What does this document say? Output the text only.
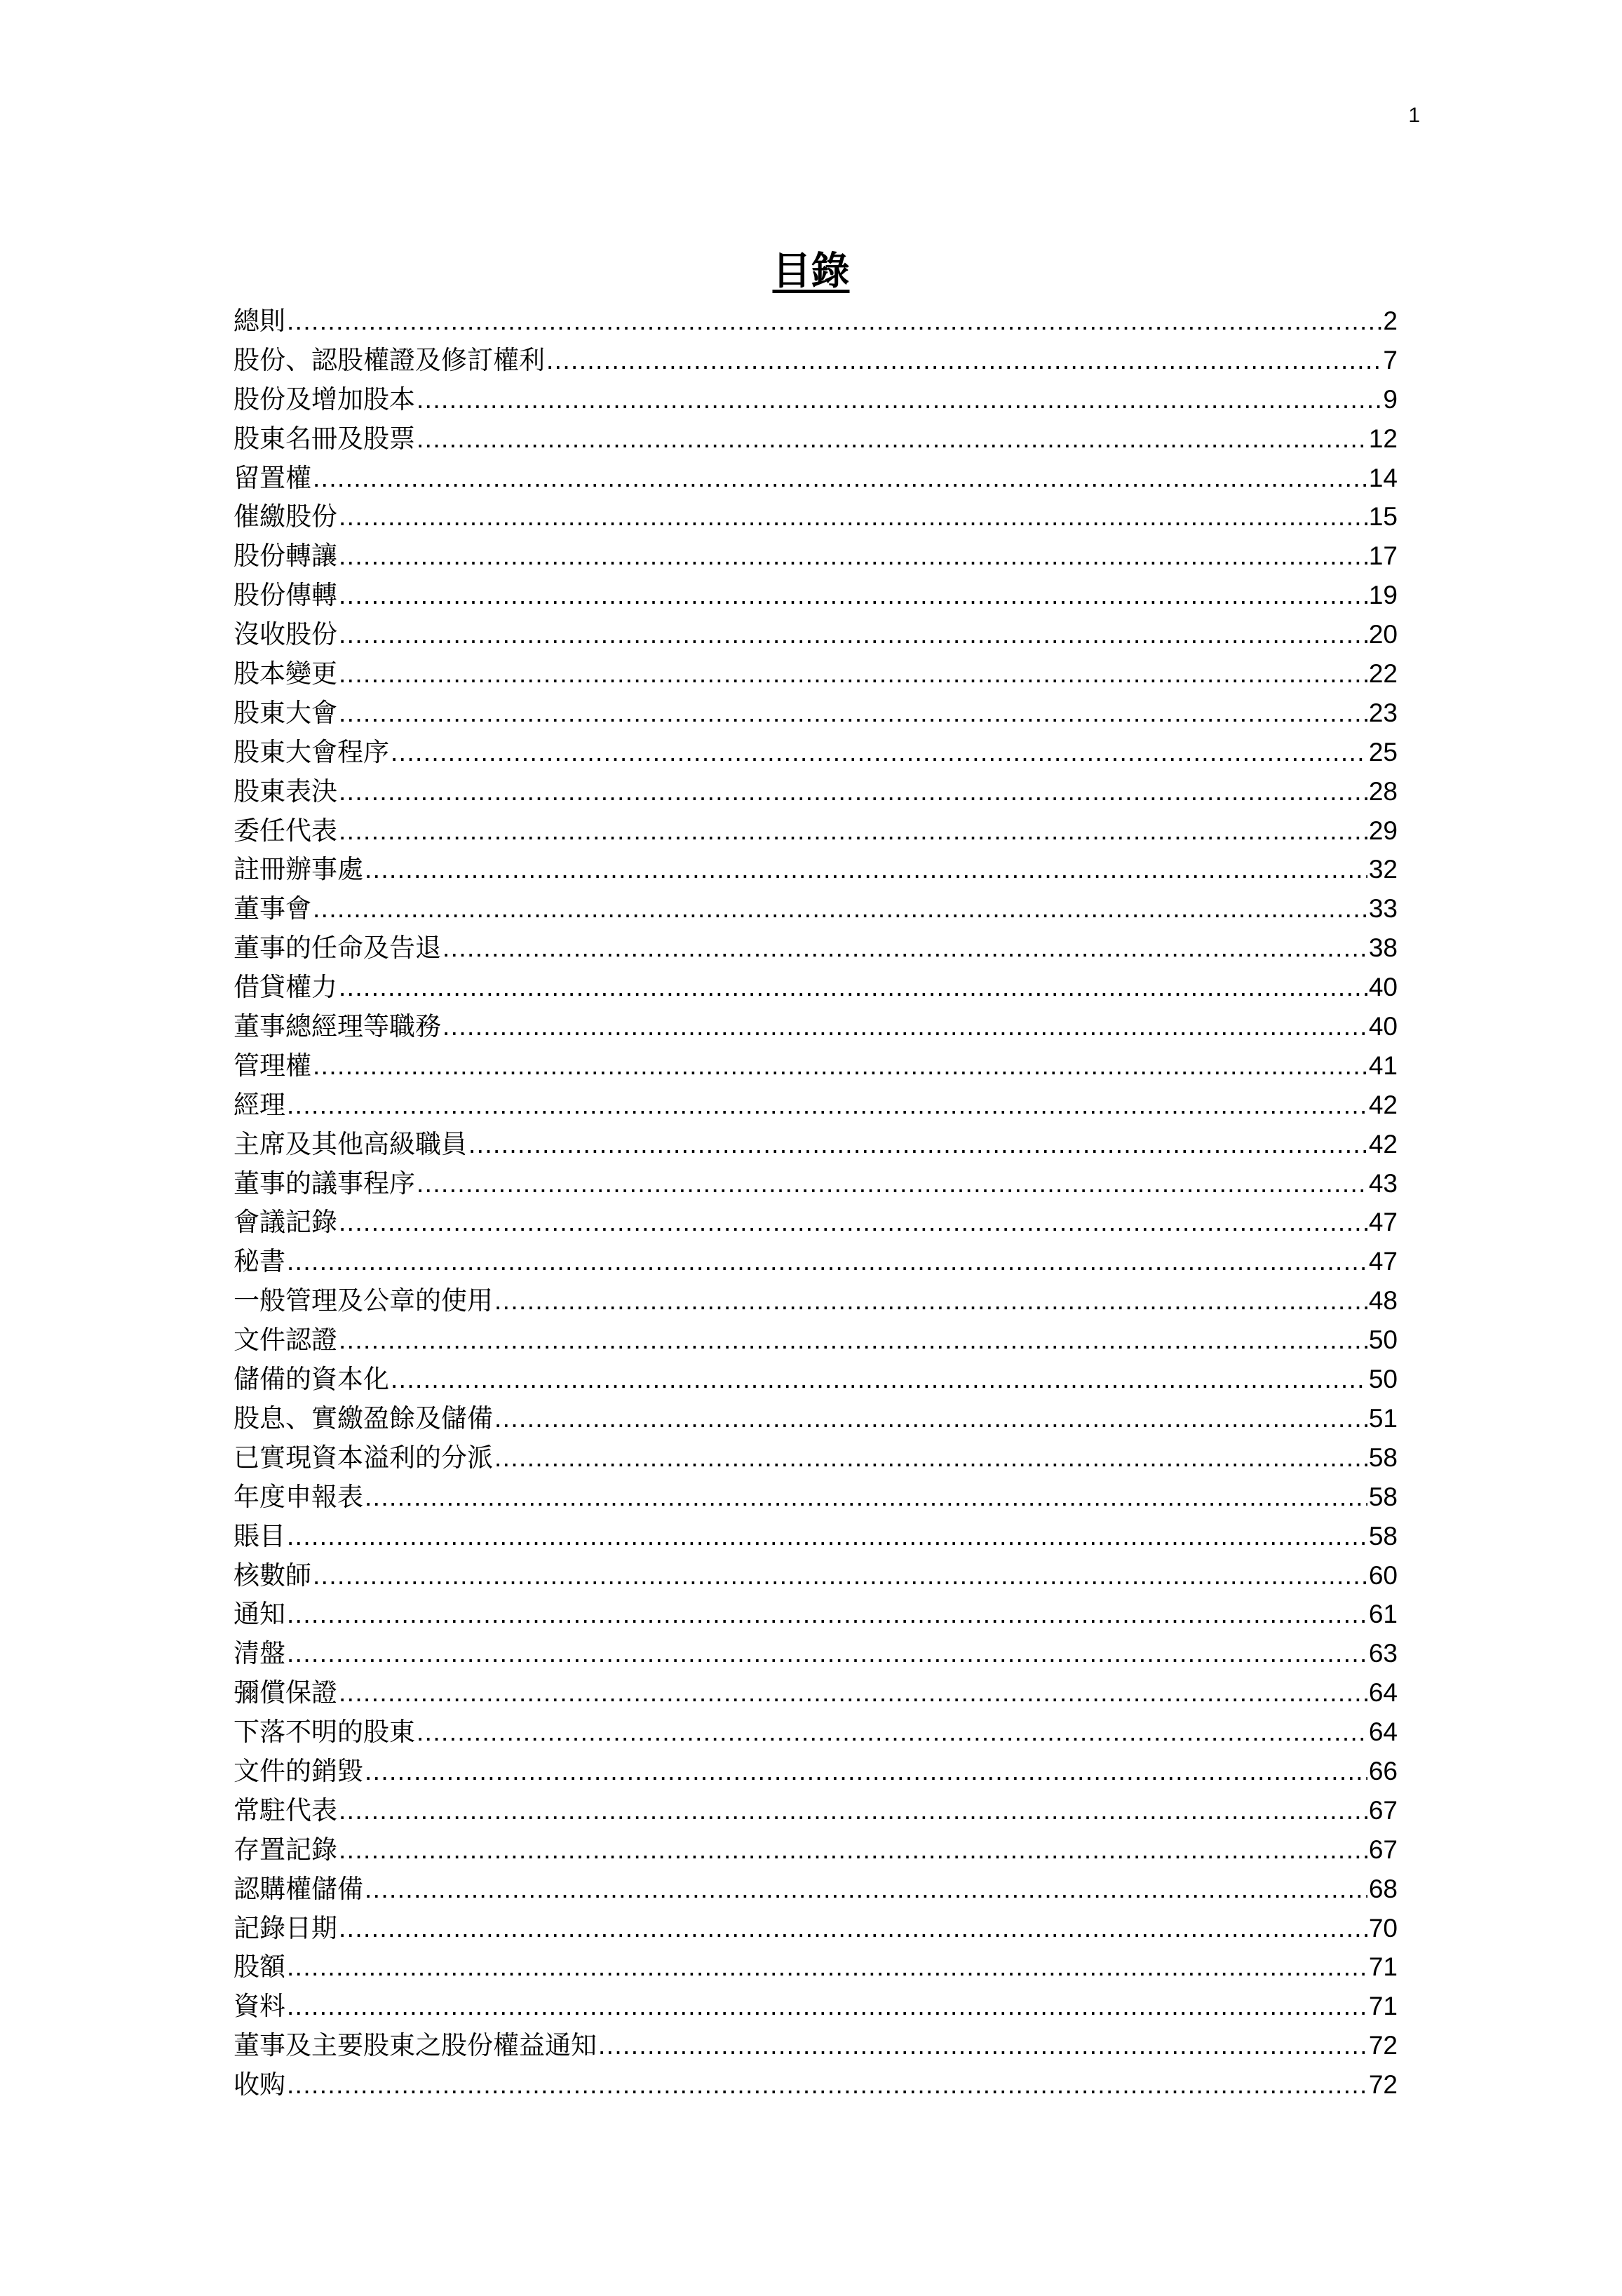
1
目錄
總則 .....	2
股份、認股權證及修訂權利 .....	7
股份及增加股本 .....	9
股東名冊及股票 .....	12
留置權 .....	14
催繳股份 .....	15
股份轉讓 .....	17
股份傳轉 .....	19
沒收股份 .....	20
股本變更 .....	22
股東大會 .....	23
股東大會程序 .....	25
股東表決 .....	28
委任代表 .....	29
註冊辦事處 .....	32
董事會 .....	33
董事的任命及告退 .....	38
借貸權力 .....	40
董事總經理等職務 .....	40
管理權 .....	41
經理 .....	42
主席及其他高級職員 .....	42
董事的議事程序 .....	43
會議記錄 .....	47
秘書 .....	47
一般管理及公章的使用 .....	48
文件認證 .....	50
儲備的資本化 .....	50
股息、實繳盈餘及儲備 .....	51
已實現資本溢利的分派 .....	58
年度申報表 .....	58
賬目 .....	58
核數師 .....	60
通知 .....	61
清盤 .....	63
彌償保證 .....	64
下落不明的股東 .....	64
文件的銷毀 .....	66
常駐代表 .....	67
存置記錄 .....	67
認購權儲備 .....	68
記錄日期 .....	70
股額 .....	71
資料 .....	71
董事及主要股東之股份權益通知 .....	72
收购 .....	72
